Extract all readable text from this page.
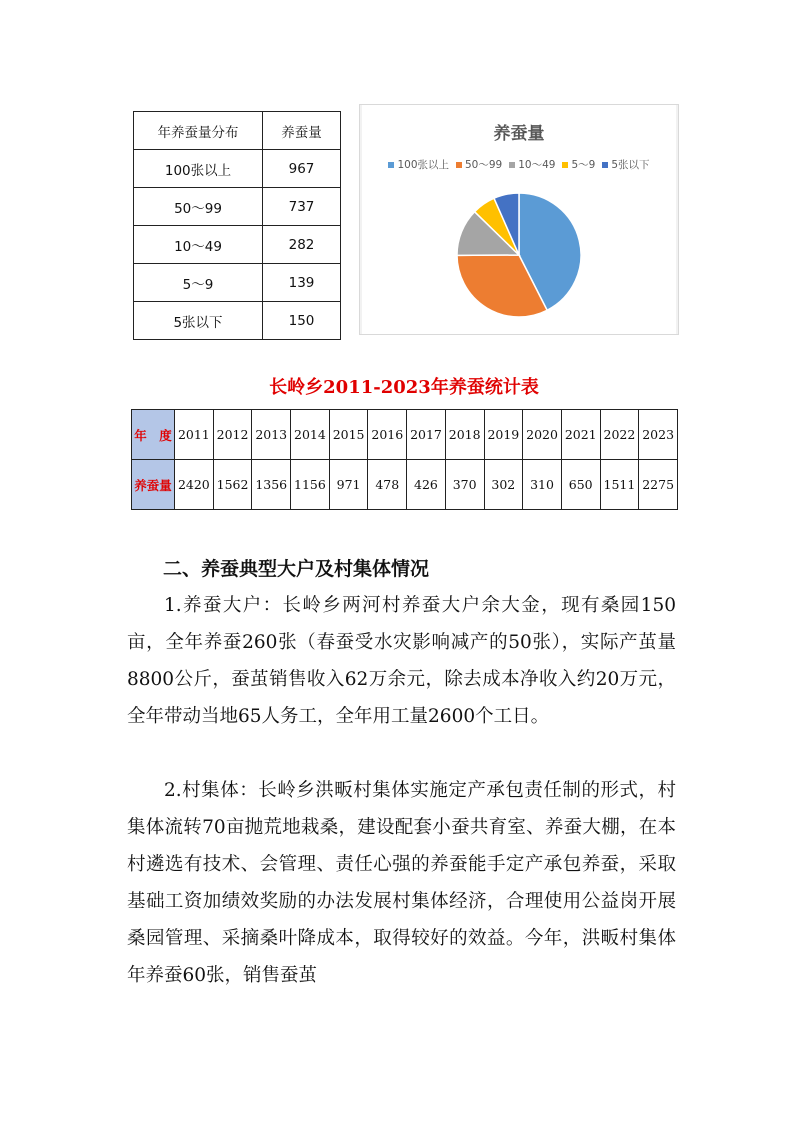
年养蚕量分布	养蚕量
100张以上	967
50～99	737
10～49	282
5～9	139
5张以下	150
养蚕量
100张以上 50～99 10～49 5～9 5张以下
长岭乡2011-2023年养蚕统计表
年　度	2011	2012	2013	2014	2015	2016	2017	2018	2019	2020	2021	2022	2023
养蚕量	2420	1562	1356	1156	971	478	426	370	302	310	650	1511	2275
二、养蚕典型大户及村集体情况

1.养蚕大户：长岭乡两河村养蚕大户余大金，现有桑园150亩，全年养蚕260张（春蚕受水灾影响减产的50张），实际产茧量8800公斤，蚕茧销售收入62万余元，除去成本净收入约20万元，全年带动当地65人务工，全年用工量2600个工日。

2.村集体：长岭乡洪畈村集体实施定产承包责任制的形式，村集体流转70亩抛荒地栽桑，建设配套小蚕共育室、养蚕大棚，在本村遴选有技术、会管理、责任心强的养蚕能手定产承包养蚕，采取基础工资加绩效奖励的办法发展村集体经济，合理使用公益岗开展桑园管理、采摘桑叶降成本，取得较好的效益。今年，洪畈村集体年养蚕60张，销售蚕茧
